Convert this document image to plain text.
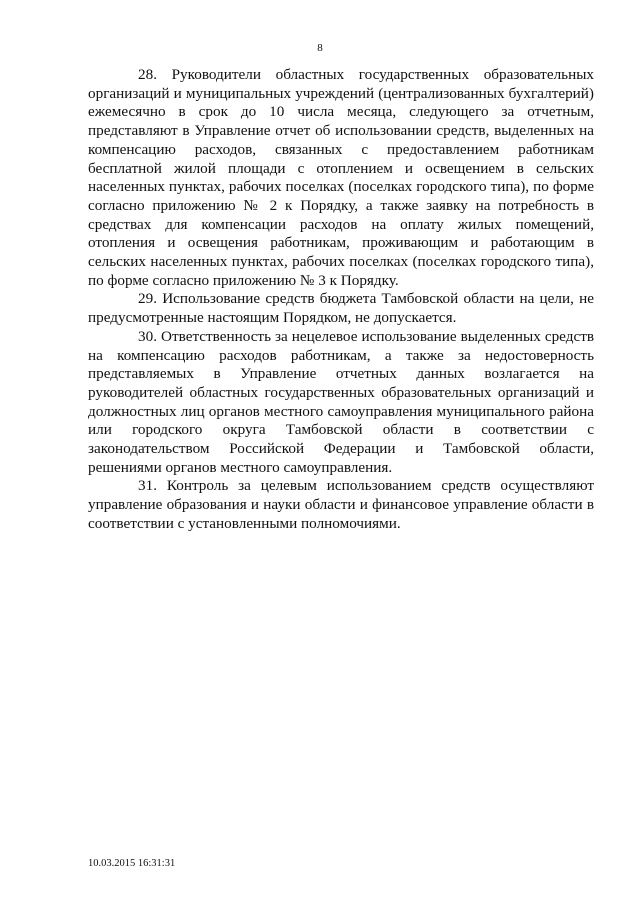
8
28.  Руководители  областных  государственных  образовательных
организаций и муниципальных учреждений (централизованных бухгалтерий)
ежемесячно в срок до 10 числа месяца, следующего за отчетным,
представляют в Управление отчет об использовании средств, выделенных на
компенсацию расходов, связанных с предоставлением работникам
бесплатной жилой площади с отоплением и освещением в сельских
населенных пунктах, рабочих поселках (поселках городского типа), по форме
согласно приложению № 2 к Порядку, а также заявку на потребность в
средствах для компенсации расходов на оплату жилых помещений,
отопления и освещения работникам, проживающим и работающим в
сельских населенных пунктах, рабочих поселках (поселках городского типа),
по форме согласно приложению № 3 к Порядку.
29. Использование средств бюджета Тамбовской области на цели, не
предусмотренные настоящим Порядком, не допускается.
30. Ответственность за нецелевое использование выделенных средств
на компенсацию расходов работникам, а также за недостоверность
представляемых в Управление отчетных данных возлагается на
руководителей областных государственных образовательных организаций и
должностных лиц органов местного самоуправления муниципального района
или городского округа Тамбовской области в соответствии с
законодательством Российской Федерации и Тамбовской области,
решениями органов местного самоуправления.
31. Контроль за целевым использованием средств осуществляют
управление образования и науки области и финансовое управление области в
соответствии с установленными полномочиями.
10.03.2015 16:31:31
